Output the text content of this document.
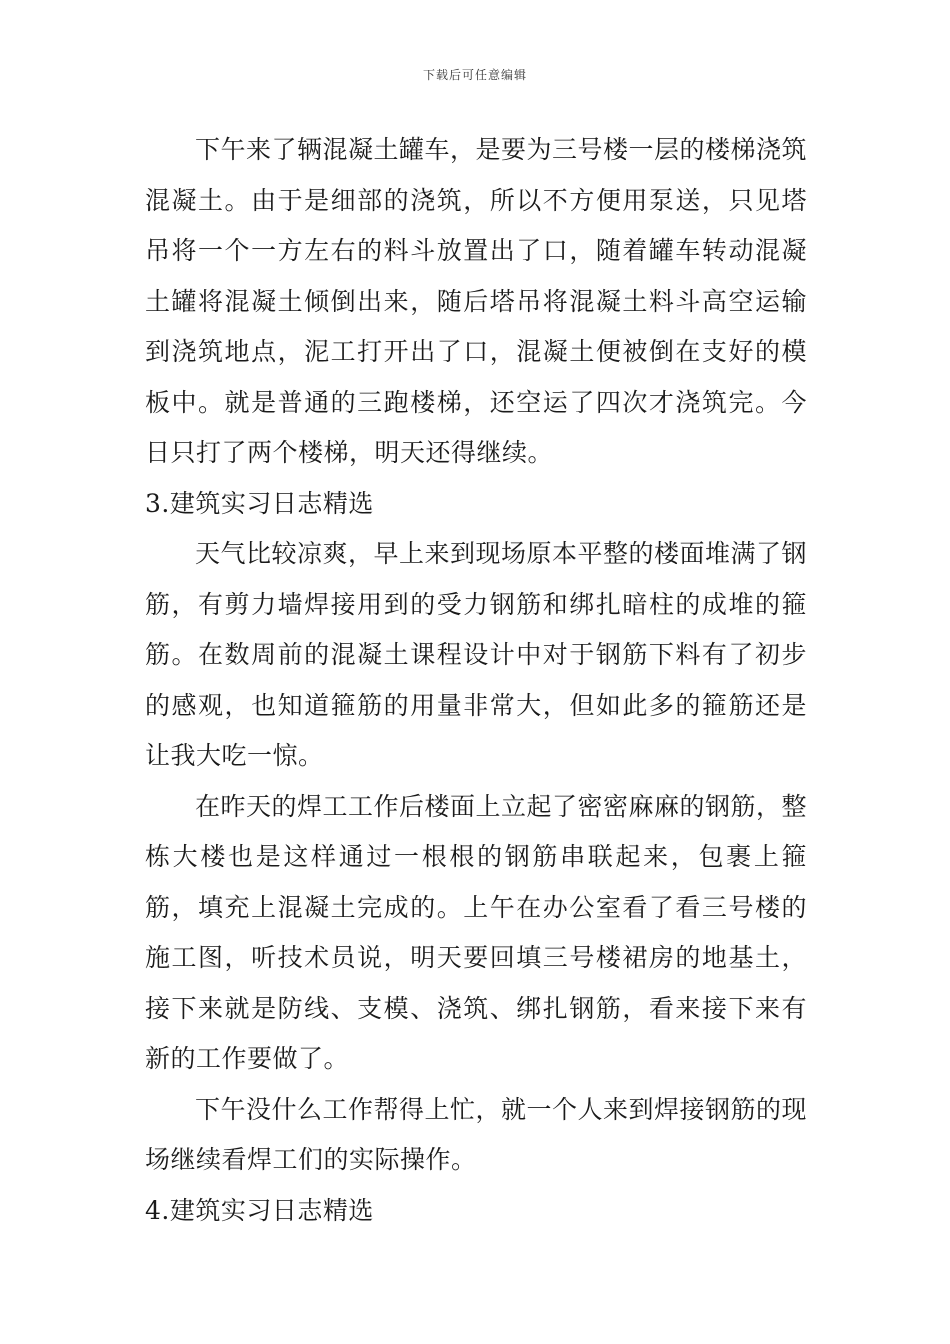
下载后可任意编辑

下午来了辆混凝土罐车，是要为三号楼一层的楼梯浇筑混凝土。由于是细部的浇筑，所以不方便用泵送，只见塔吊将一个一方左右的料斗放置出了口，随着罐车转动混凝土罐将混凝土倾倒出来，随后塔吊将混凝土料斗高空运输到浇筑地点，泥工打开出了口，混凝土便被倒在支好的模板中。就是普通的三跑楼梯，还空运了四次才浇筑完。今日只打了两个楼梯，明天还得继续。

3.建筑实习日志精选

天气比较凉爽，早上来到现场原本平整的楼面堆满了钢筋，有剪力墙焊接用到的受力钢筋和绑扎暗柱的成堆的箍筋。在数周前的混凝土课程设计中对于钢筋下料有了初步的感观，也知道箍筋的用量非常大，但如此多的箍筋还是让我大吃一惊。

在昨天的焊工工作后楼面上立起了密密麻麻的钢筋，整栋大楼也是这样通过一根根的钢筋串联起来，包裹上箍筋，填充上混凝土完成的。上午在办公室看了看三号楼的施工图，听技术员说，明天要回填三号楼裙房的地基土，接下来就是防线、支模、浇筑、绑扎钢筋，看来接下来有新的工作要做了。

下午没什么工作帮得上忙，就一个人来到焊接钢筋的现场继续看焊工们的实际操作。

4.建筑实习日志精选
